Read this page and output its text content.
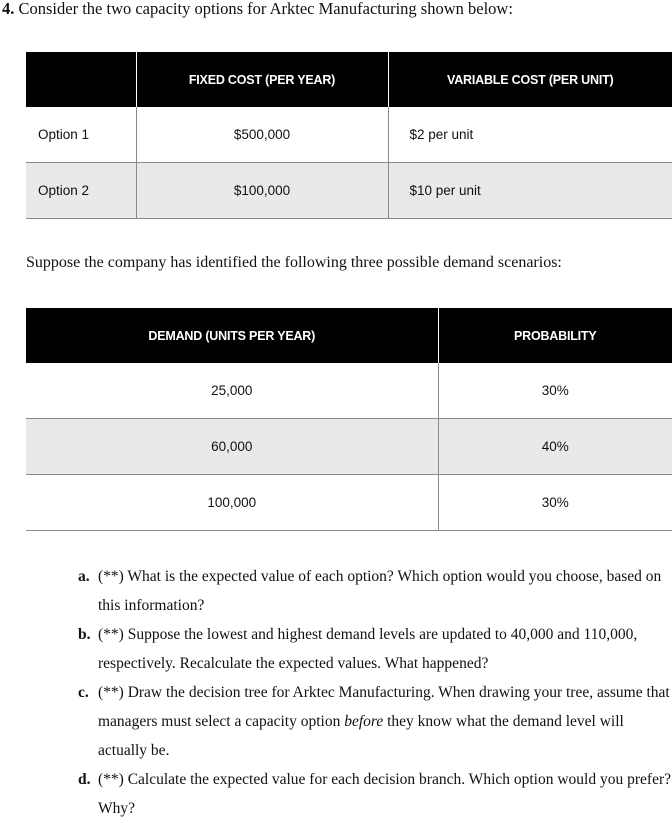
4. Consider the two capacity options for Arktec Manufacturing shown below:
	FIXED COST (PER YEAR)	VARIABLE COST (PER UNIT)
Option 1	$500,000	$2 per unit
Option 2	$100,000	$10 per unit
Suppose the company has identified the following three possible demand scenarios:
DEMAND (UNITS PER YEAR)	PROBABILITY
25,000	30%
60,000	40%
100,000	30%
a. (**) What is the expected value of each option? Which option would you choose, based on this information?
b. (**) Suppose the lowest and highest demand levels are updated to 40,000 and 110,000, respectively. Recalculate the expected values. What happened?
c. (**) Draw the decision tree for Arktec Manufacturing. When drawing your tree, assume that managers must select a capacity option before they know what the demand level will actually be.
d. (**) Calculate the expected value for each decision branch. Which option would you prefer? Why?
